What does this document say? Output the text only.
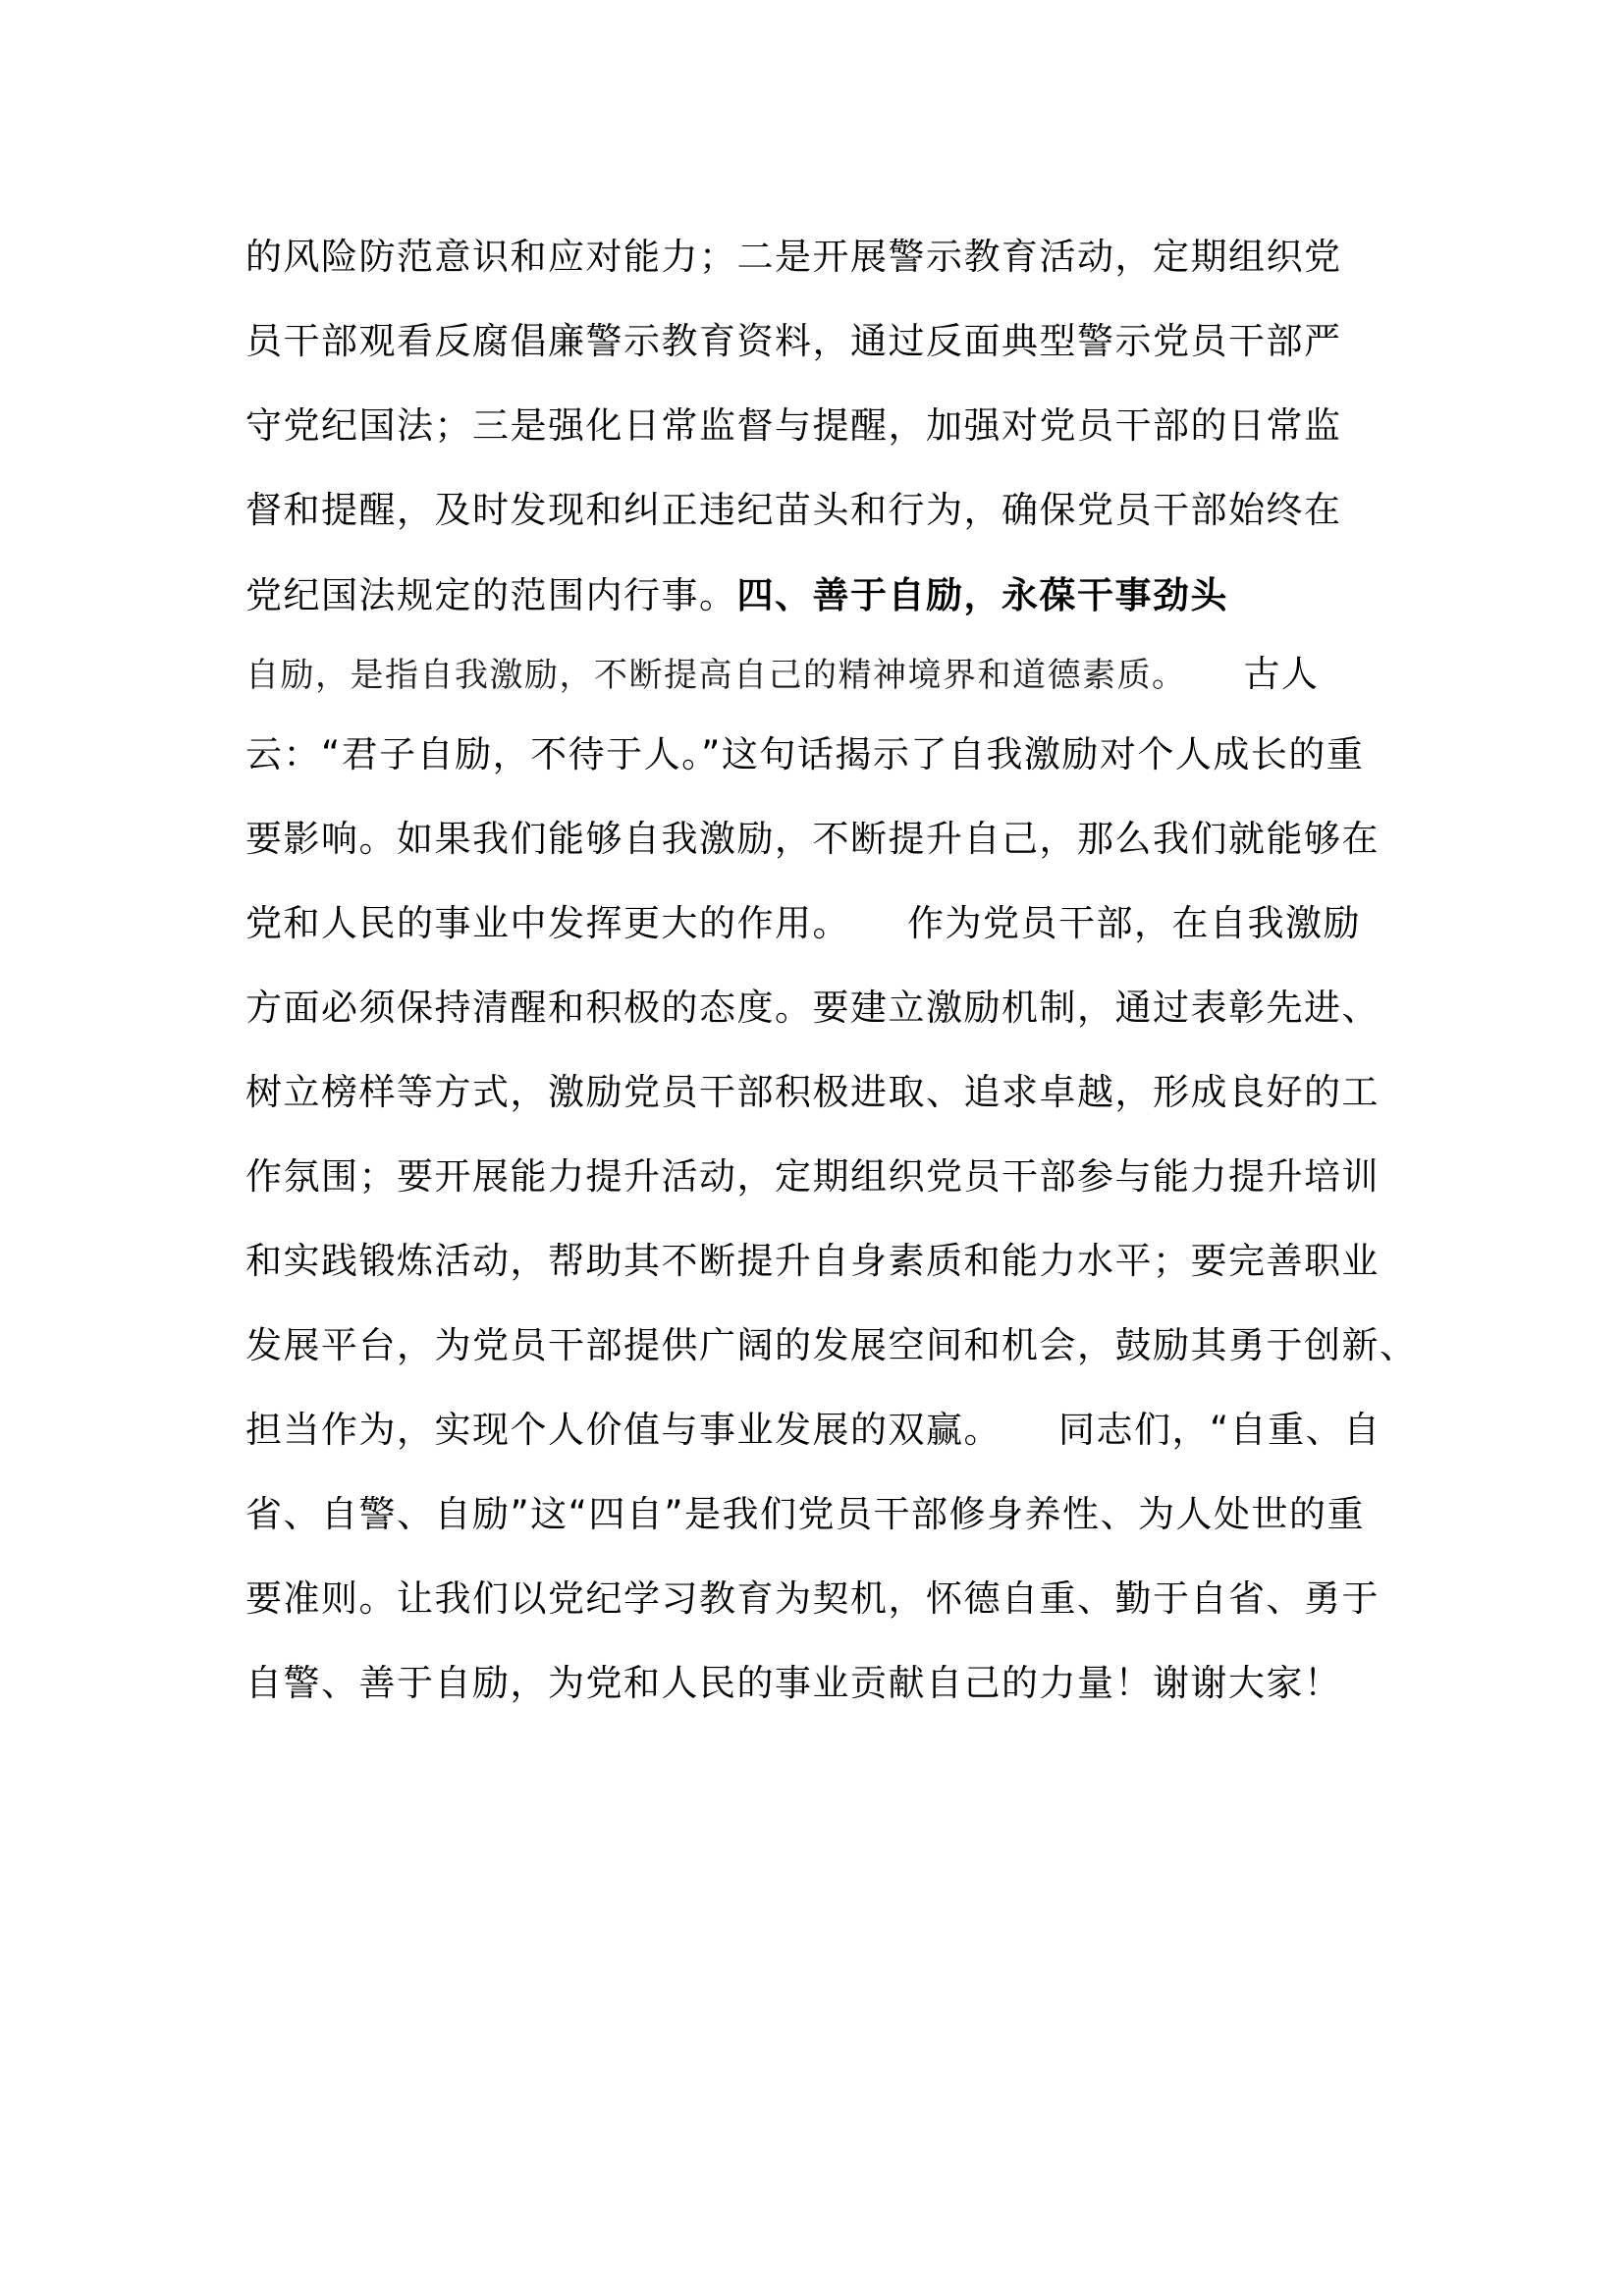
的风险防范意识和应对能力；二是开展警示教育活动，定期组织党
员干部观看反腐倡廉警示教育资料，通过反面典型警示党员干部严
守党纪国法；三是强化日常监督与提醒，加强对党员干部的日常监
督和提醒，及时发现和纠正违纪苗头和行为，确保党员干部始终在
党纪国法规定的范围内行事。四、善于自励，永葆干事劲头
自励，是指自我激励，不断提高自己的精神境界和道德素质。 古人
云：“君子自励，不待于人。”这句话揭示了自我激励对个人成长的重
要影响。如果我们能够自我激励，不断提升自己，那么我们就能够在
党和人民的事业中发挥更大的作用。 作为党员干部，在自我激励
方面必须保持清醒和积极的态度。要建立激励机制，通过表彰先进、
树立榜样等方式，激励党员干部积极进取、追求卓越，形成良好的工
作氛围；要开展能力提升活动，定期组织党员干部参与能力提升培训
和实践锻炼活动，帮助其不断提升自身素质和能力水平；要完善职业
发展平台，为党员干部提供广阔的发展空间和机会，鼓励其勇于创新、
担当作为，实现个人价值与事业发展的双赢。 同志们，“自重、自
省、自警、自励”这“四自”是我们党员干部修身养性、为人处世的重
要准则。让我们以党纪学习教育为契机，怀德自重、勤于自省、勇于
自警、善于自励，为党和人民的事业贡献自己的力量！谢谢大家！
